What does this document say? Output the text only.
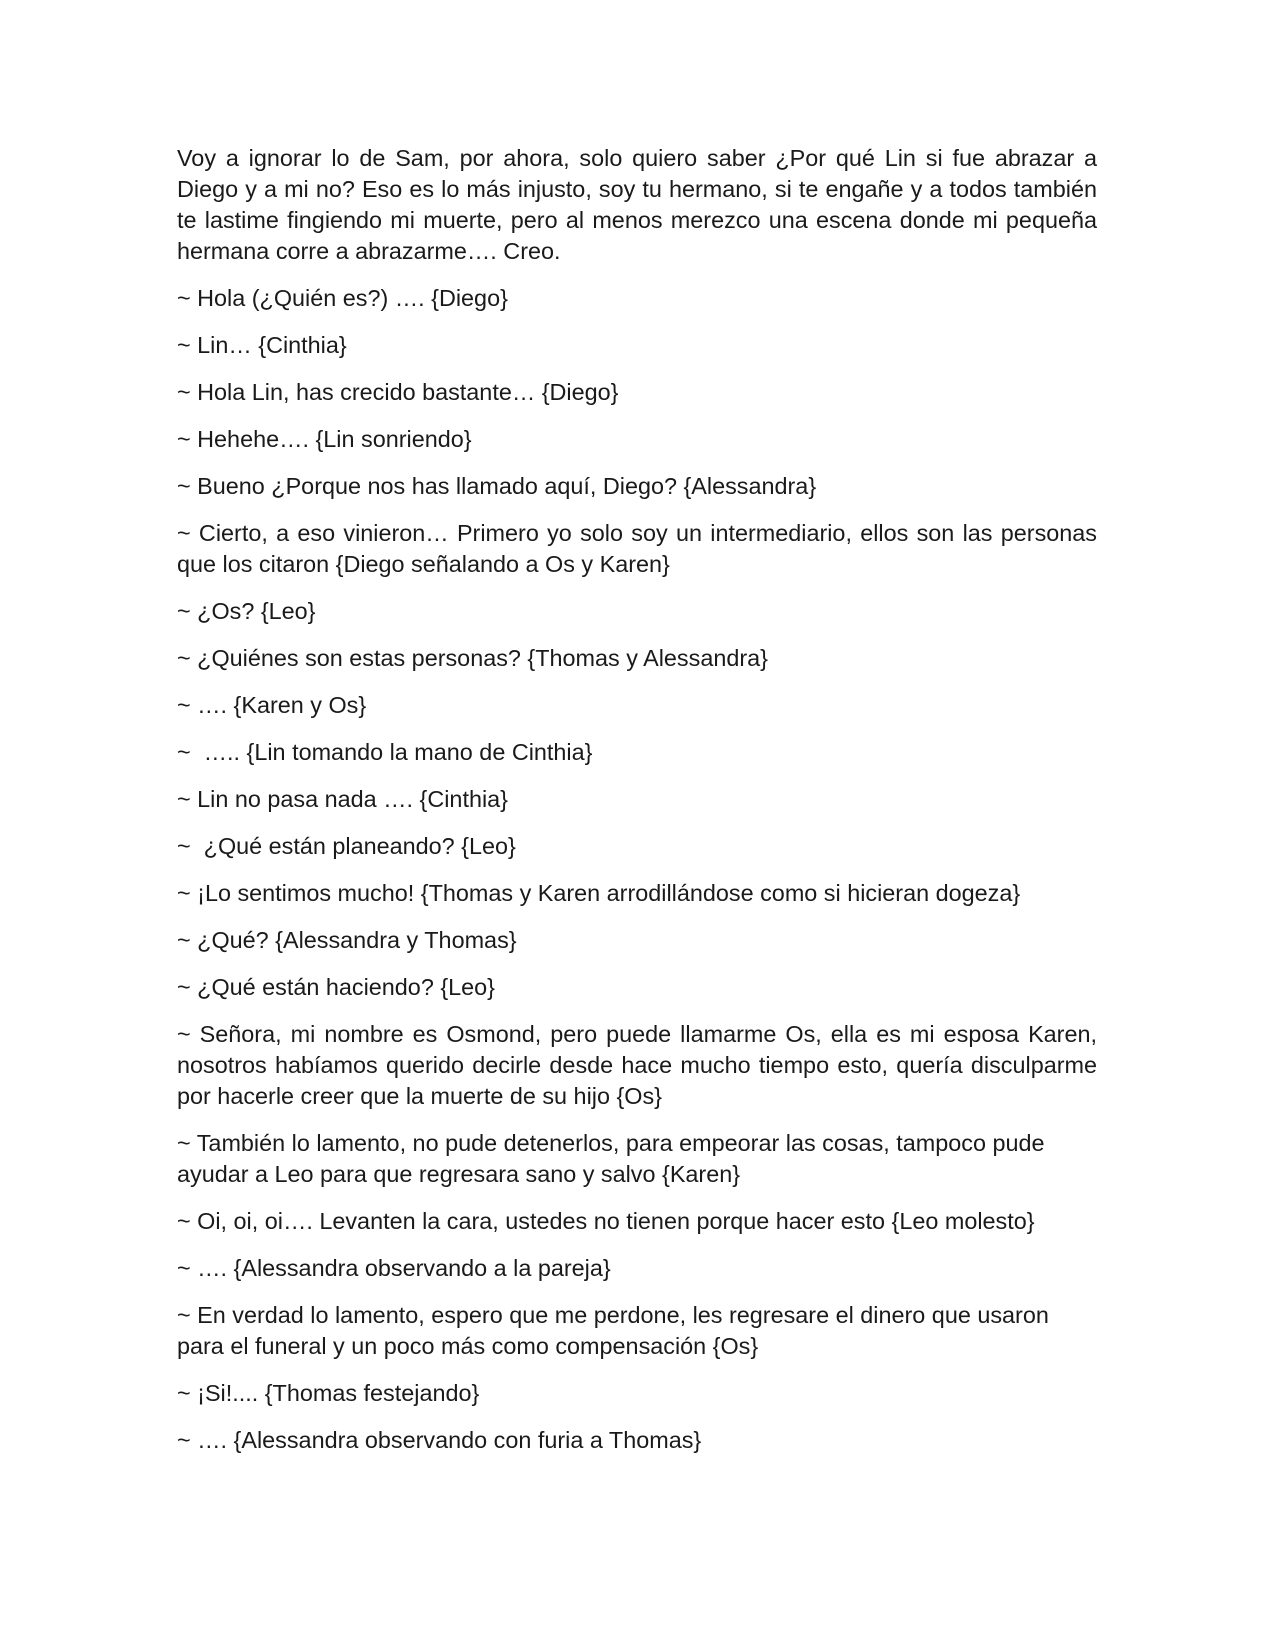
Voy a ignorar lo de Sam, por ahora, solo quiero saber ¿Por qué Lin si fue abrazar a Diego y a mi no? Eso es lo más injusto, soy tu hermano, si te engañe y a todos también te lastime fingiendo mi muerte, pero al menos merezco una escena donde mi pequeña hermana corre a abrazarme…. Creo.

~ Hola (¿Quién es?) …. {Diego}

~ Lin… {Cinthia}

~ Hola Lin, has crecido bastante… {Diego}

~ Hehehe…. {Lin sonriendo}

~ Bueno ¿Porque nos has llamado aquí, Diego? {Alessandra}

~ Cierto, a eso vinieron… Primero yo solo soy un intermediario, ellos son las personas que los citaron {Diego señalando a Os y Karen}

~ ¿Os? {Leo}

~ ¿Quiénes son estas personas? {Thomas y Alessandra}

~ …. {Karen y Os}

~  ….. {Lin tomando la mano de Cinthia}

~ Lin no pasa nada …. {Cinthia}

~  ¿Qué están planeando? {Leo}

~ ¡Lo sentimos mucho! {Thomas y Karen arrodillándose como si hicieran dogeza}

~ ¿Qué? {Alessandra y Thomas}

~ ¿Qué están haciendo? {Leo}

~ Señora, mi nombre es Osmond, pero puede llamarme Os, ella es mi esposa Karen, nosotros habíamos querido decirle desde hace mucho tiempo esto, quería disculparme por hacerle creer que la muerte de su hijo {Os}

~ También lo lamento, no pude detenerlos, para empeorar las cosas, tampoco pude ayudar a Leo para que regresara sano y salvo {Karen}

~ Oi, oi, oi…. Levanten la cara, ustedes no tienen porque hacer esto {Leo molesto}

~ …. {Alessandra observando a la pareja}

~ En verdad lo lamento, espero que me perdone, les regresare el dinero que usaron para el funeral y un poco más como compensación {Os}

~ ¡Si!.... {Thomas festejando}

~ …. {Alessandra observando con furia a Thomas}
